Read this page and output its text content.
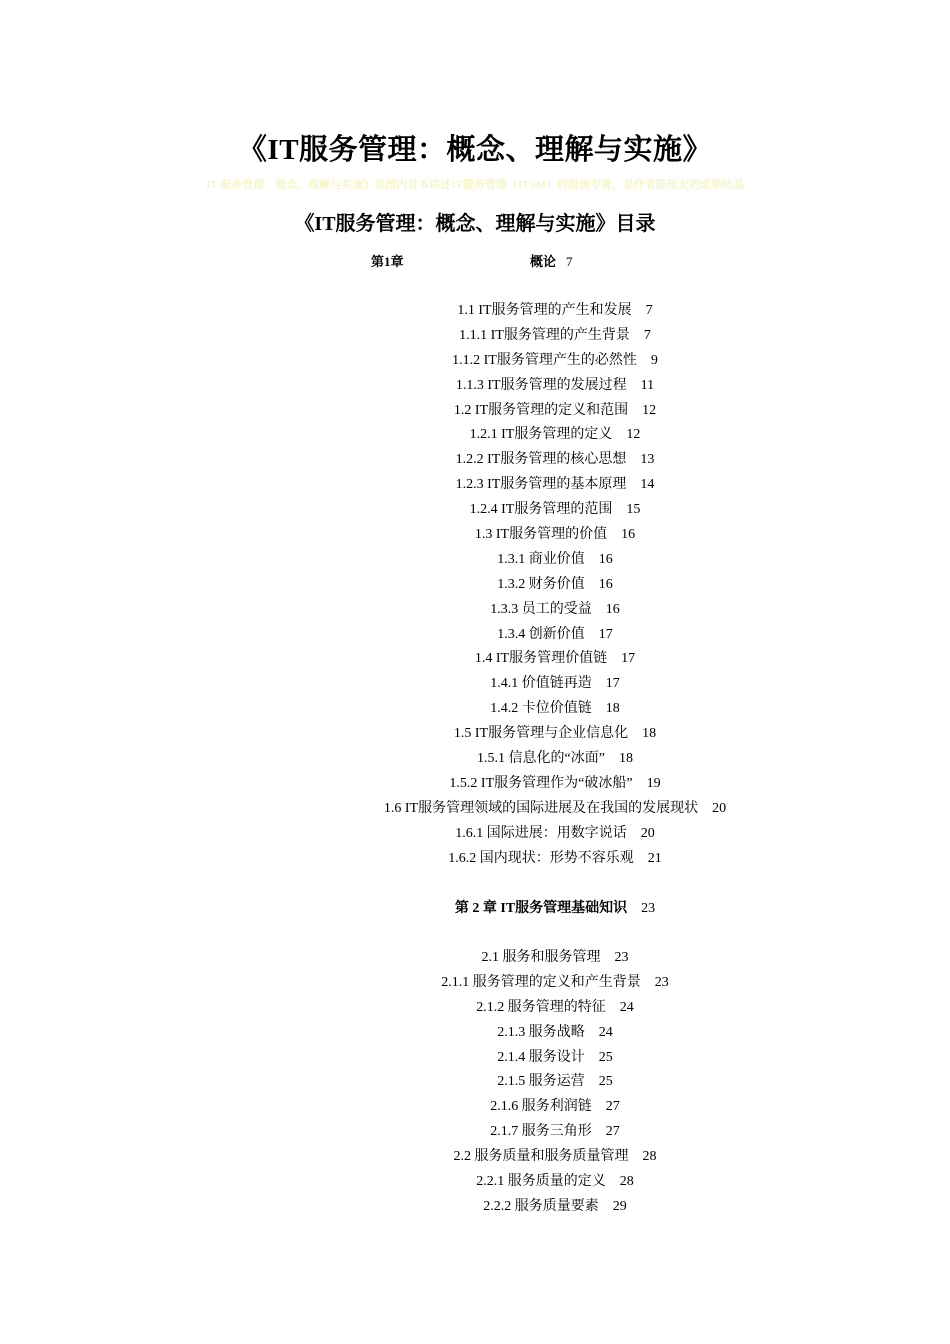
《IT服务管理：概念、理解与实施》
IT 服务管理：概念、理解与实施》是国内首本讲述IT服务管理（ITSM）的原创专著，是作者陈传友的成果结晶
《IT服务管理：概念、理解与实施》目录
第1章	概论 7
1.1 IT服务管理的产生和发展 7
1.1.1 IT服务管理的产生背景 7
1.1.2 IT服务管理产生的必然性 9
1.1.3 IT服务管理的发展过程 11
1.2 IT服务管理的定义和范围 12
1.2.1 IT服务管理的定义 12
1.2.2 IT服务管理的核心思想 13
1.2.3 IT服务管理的基本原理 14
1.2.4 IT服务管理的范围 15
1.3 IT服务管理的价值 16
1.3.1 商业价值 16
1.3.2 财务价值 16
1.3.3 员工的受益 16
1.3.4 创新价值 17
1.4 IT服务管理价值链 17
1.4.1 价值链再造 17
1.4.2 卡位价值链 18
1.5 IT服务管理与企业信息化 18
1.5.1 信息化的“冰面” 18
1.5.2 IT服务管理作为“破冰船” 19
1.6 IT服务管理领域的国际进展及在我国的发展现状 20
1.6.1 国际进展：用数字说话 20
1.6.2 国内现状：形势不容乐观 21
第 2 章 IT服务管理基础知识 23
2.1 服务和服务管理 23
2.1.1 服务管理的定义和产生背景 23
2.1.2 服务管理的特征 24
2.1.3 服务战略 24
2.1.4 服务设计 25
2.1.5 服务运营 25
2.1.6 服务利润链 27
2.1.7 服务三角形 27
2.2 服务质量和服务质量管理 28
2.2.1 服务质量的定义 28
2.2.2 服务质量要素 29
